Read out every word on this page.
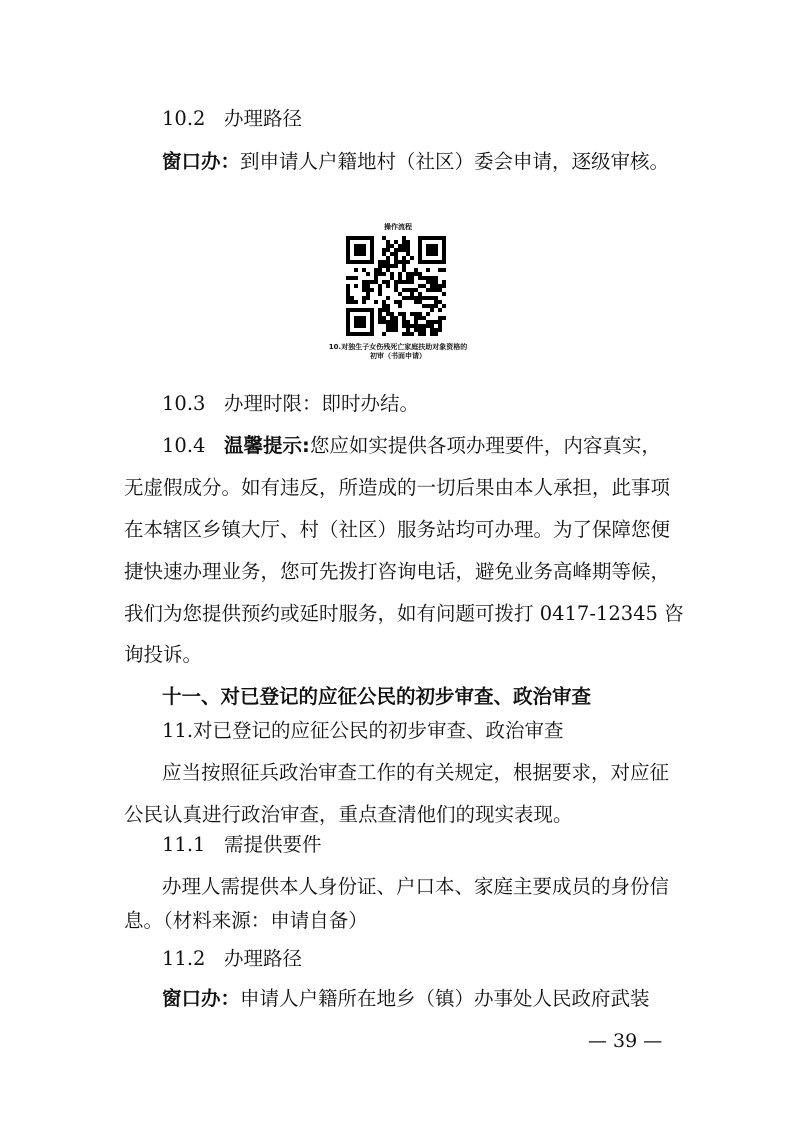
10.2 办理路径
窗口办：到申请人户籍地村（社区）委会申请，逐级审核。
操作流程
10.对独生子女伤残死亡家庭扶助对象资格的
初审（书面申请）
10.3 办理时限：即时办结。
10.4 温馨提示:您应如实提供各项办理要件，内容真实，
无虚假成分。如有违反，所造成的一切后果由本人承担，此事项
在本辖区乡镇大厅、村（社区）服务站均可办理。为了保障您便
捷快速办理业务，您可先拨打咨询电话，避免业务高峰期等候，
我们为您提供预约或延时服务，如有问题可拨打 0417-12345 咨
询投诉。
十一、对已登记的应征公民的初步审查、政治审查
11.对已登记的应征公民的初步审查、政治审查
应当按照征兵政治审查工作的有关规定，根据要求，对应征
公民认真进行政治审查，重点查清他们的现实表现。
11.1 需提供要件
办理人需提供本人身份证、户口本、家庭主要成员的身份信
息。（材料来源：申请自备）
11.2 办理路径
窗口办：申请人户籍所在地乡（镇）办事处人民政府武装
— 39 —
